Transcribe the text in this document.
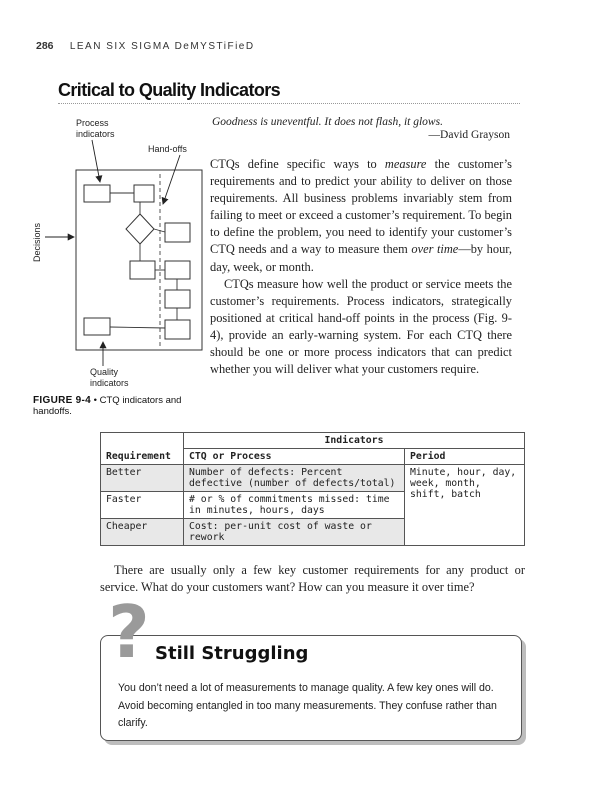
286 LEAN SIX SIGMA DeMYSTiFieD
Critical to Quality Indicators
Goodness is uneventful. It does not flash, it glows.
—David Grayson

CTQs define specific ways to measure the customer’s requirements and to predict your ability to deliver on those requirements. All business problems invariably stem from failing to meet or exceed a customer’s requirement. To begin to define the problem, you need to identify your customer’s CTQ needs and a way to measure them over time—by hour, day, week, or month.

CTQs measure how well the product or service meets the customer’s requirements. Process indicators, strategically positioned at critical hand-off points in the process (Fig. 9-4), provide an early-warning system. For each CTQ there should be one or more process indicators that can predict whether you will deliver what your customers require.

Process indicators
Hand-offs
Decisions
Quality indicators
FIGURE 9-4 • CTQ indicators and handoffs.
	Indicators	
Requirement	CTQ or Process	Period
Better	Number of defects: Percent defective (number of defects/total)	Minute, hour, day, week, month, shift, batch
Faster	# or % of commitments missed: time in minutes, hours, days	
Cheaper	Cost: per-unit cost of waste or rework	
There are usually only a few key customer requirements for any product or service. What do your customers want? How can you measure it over time?
? Still Struggling
You don’t need a lot of measurements to manage quality. A few key ones will do. Avoid becoming entangled in too many measurements. They confuse rather than clarify.
